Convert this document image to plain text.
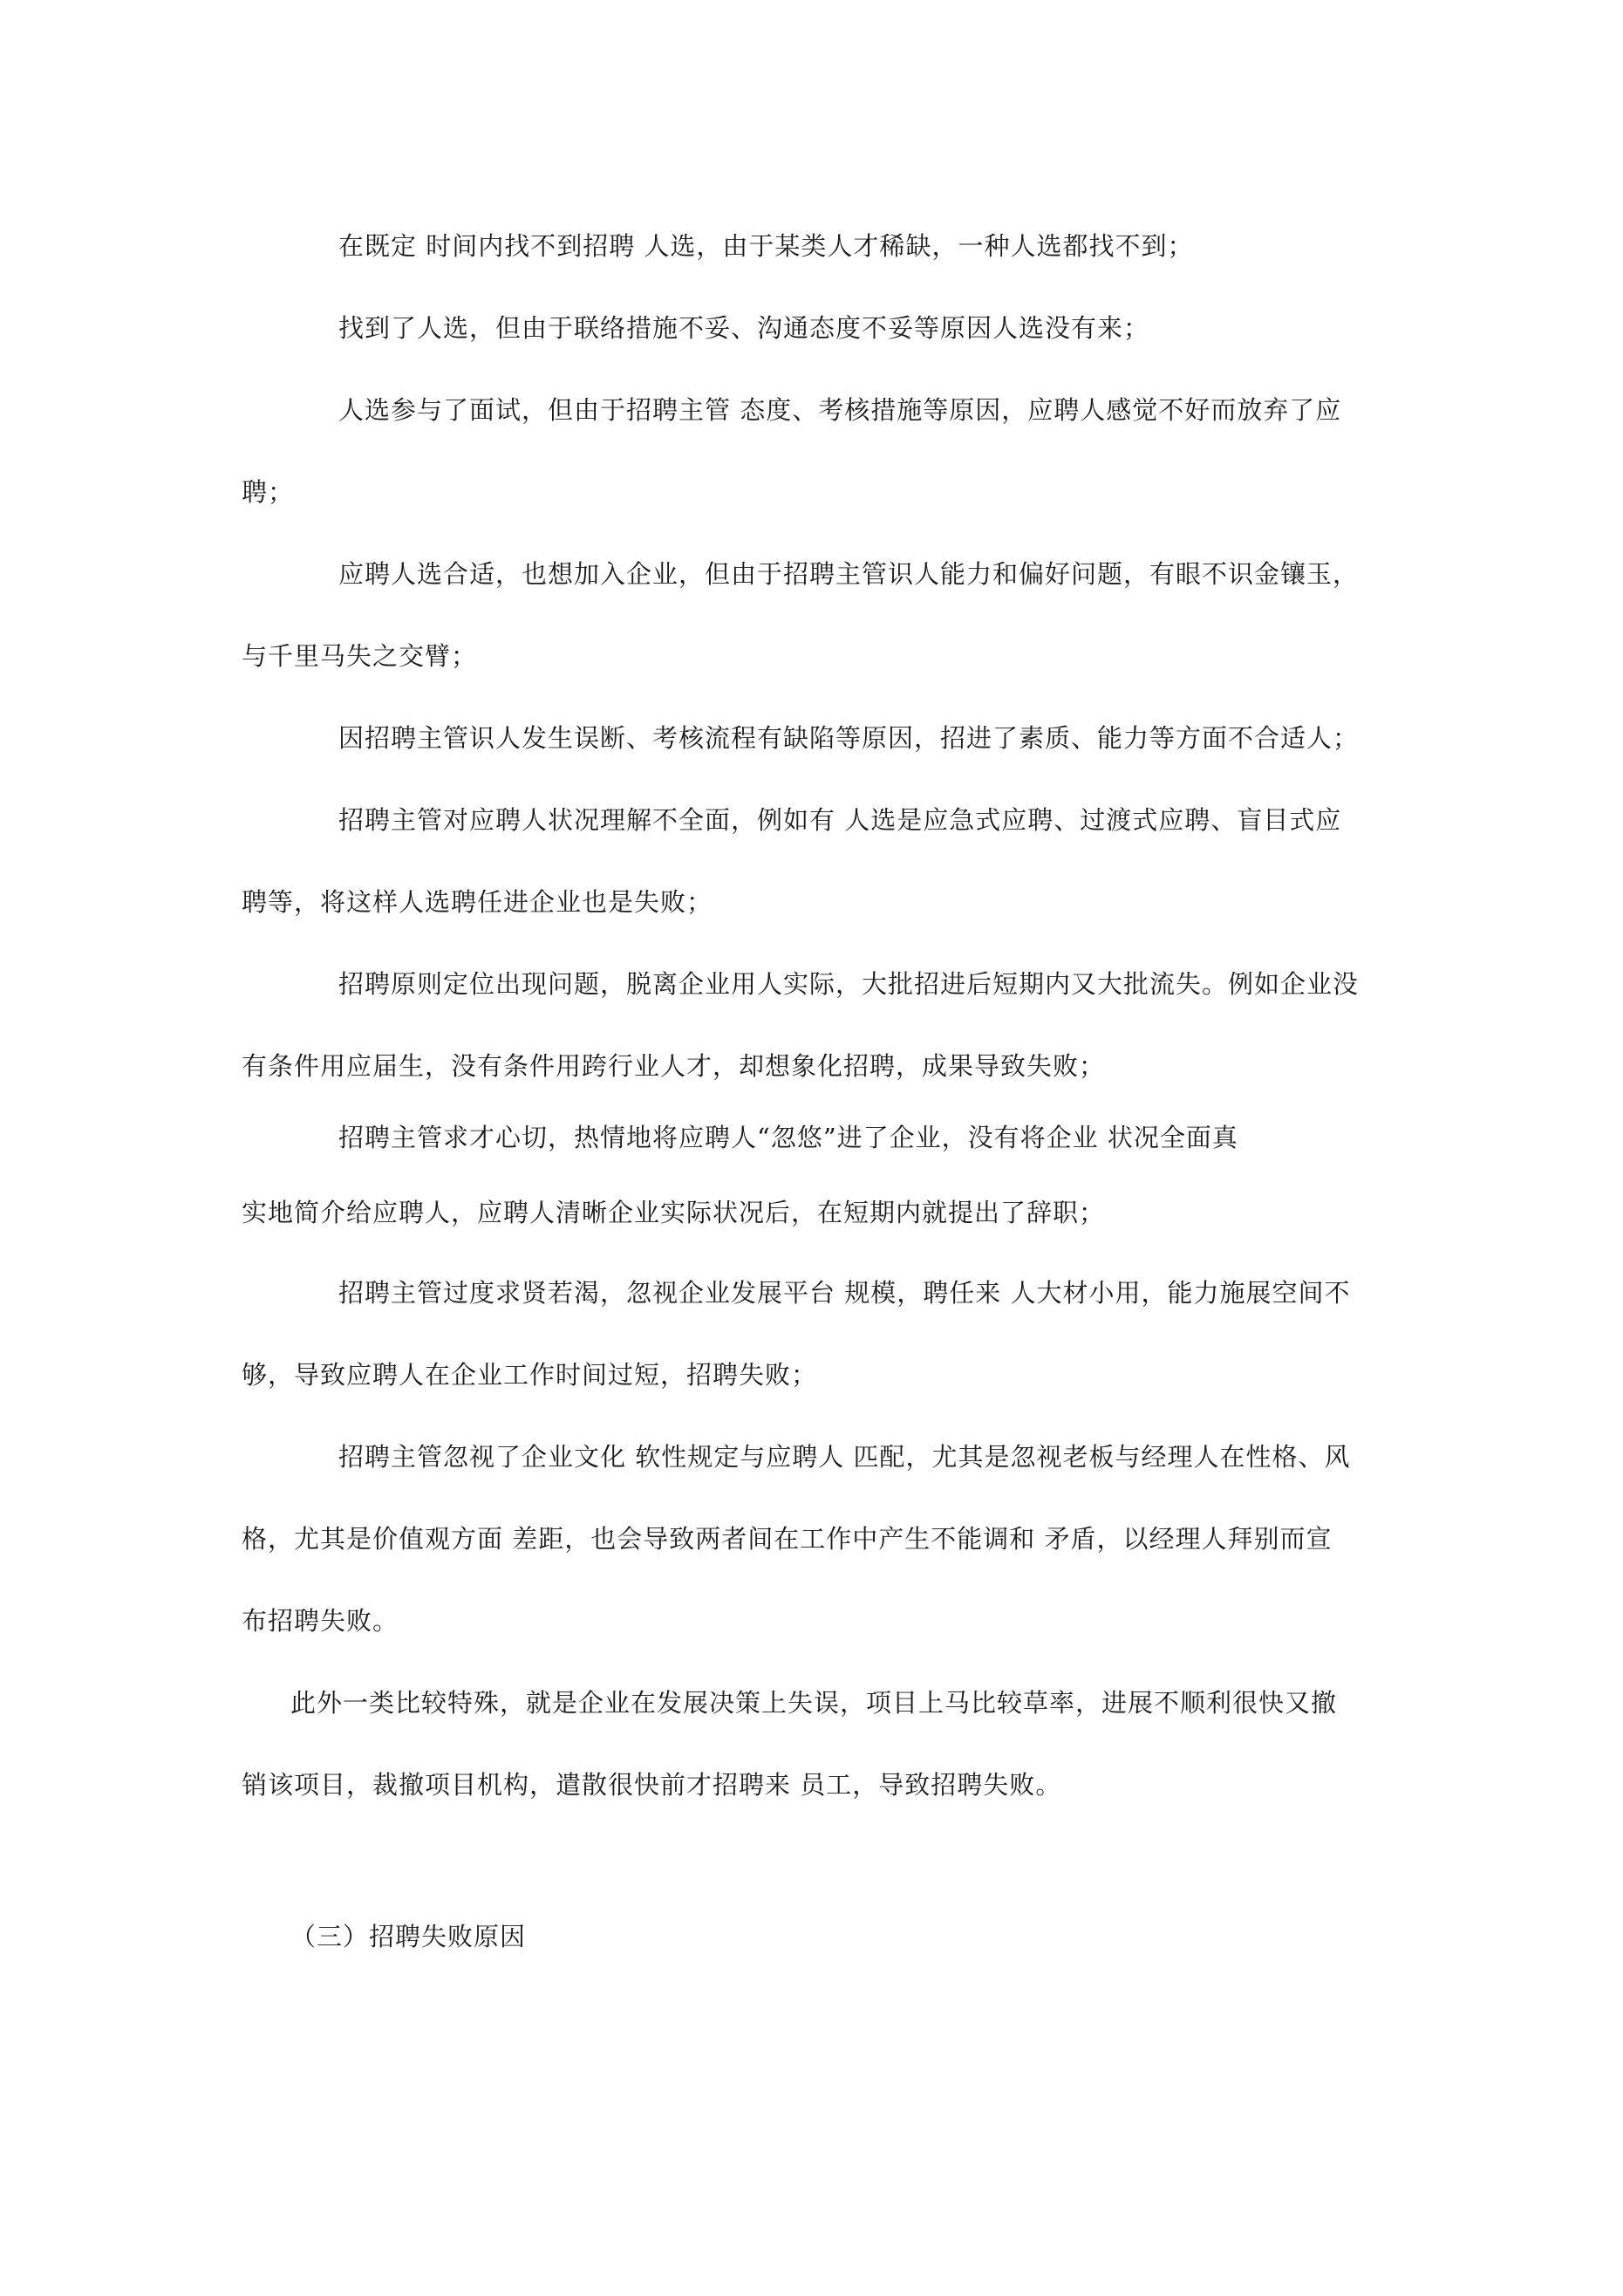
在既定 时间内找不到招聘 人选，由于某类人才稀缺，一种人选都找不到；
找到了人选，但由于联络措施不妥、沟通态度不妥等原因人选没有来；
人选参与了面试，但由于招聘主管 态度、考核措施等原因，应聘人感觉不好而放弃了应
聘；
应聘人选合适，也想加入企业，但由于招聘主管识人能力和偏好问题，有眼不识金镶玉，
与千里马失之交臂；
因招聘主管识人发生误断、考核流程有缺陷等原因，招进了素质、能力等方面不合适人；
招聘主管对应聘人状况理解不全面，例如有 人选是应急式应聘、过渡式应聘、盲目式应
聘等，将这样人选聘任进企业也是失败；
招聘原则定位出现问题，脱离企业用人实际，大批招进后短期内又大批流失。例如企业没
有条件用应届生，没有条件用跨行业人才，却想象化招聘，成果导致失败；
招聘主管求才心切，热情地将应聘人“忽悠”进了企业，没有将企业 状况全面真
实地简介给应聘人，应聘人清晰企业实际状况后，在短期内就提出了辞职；
招聘主管过度求贤若渴，忽视企业发展平台 规模，聘任来 人大材小用，能力施展空间不
够，导致应聘人在企业工作时间过短，招聘失败；
招聘主管忽视了企业文化 软性规定与应聘人 匹配，尤其是忽视老板与经理人在性格、风
格，尤其是价值观方面 差距，也会导致两者间在工作中产生不能调和 矛盾，以经理人拜别而宣
布招聘失败。
此外一类比较特殊，就是企业在发展决策上失误，项目上马比较草率，进展不顺利很快又撤
销该项目，裁撤项目机构，遣散很快前才招聘来 员工，导致招聘失败。
（三）招聘失败原因
